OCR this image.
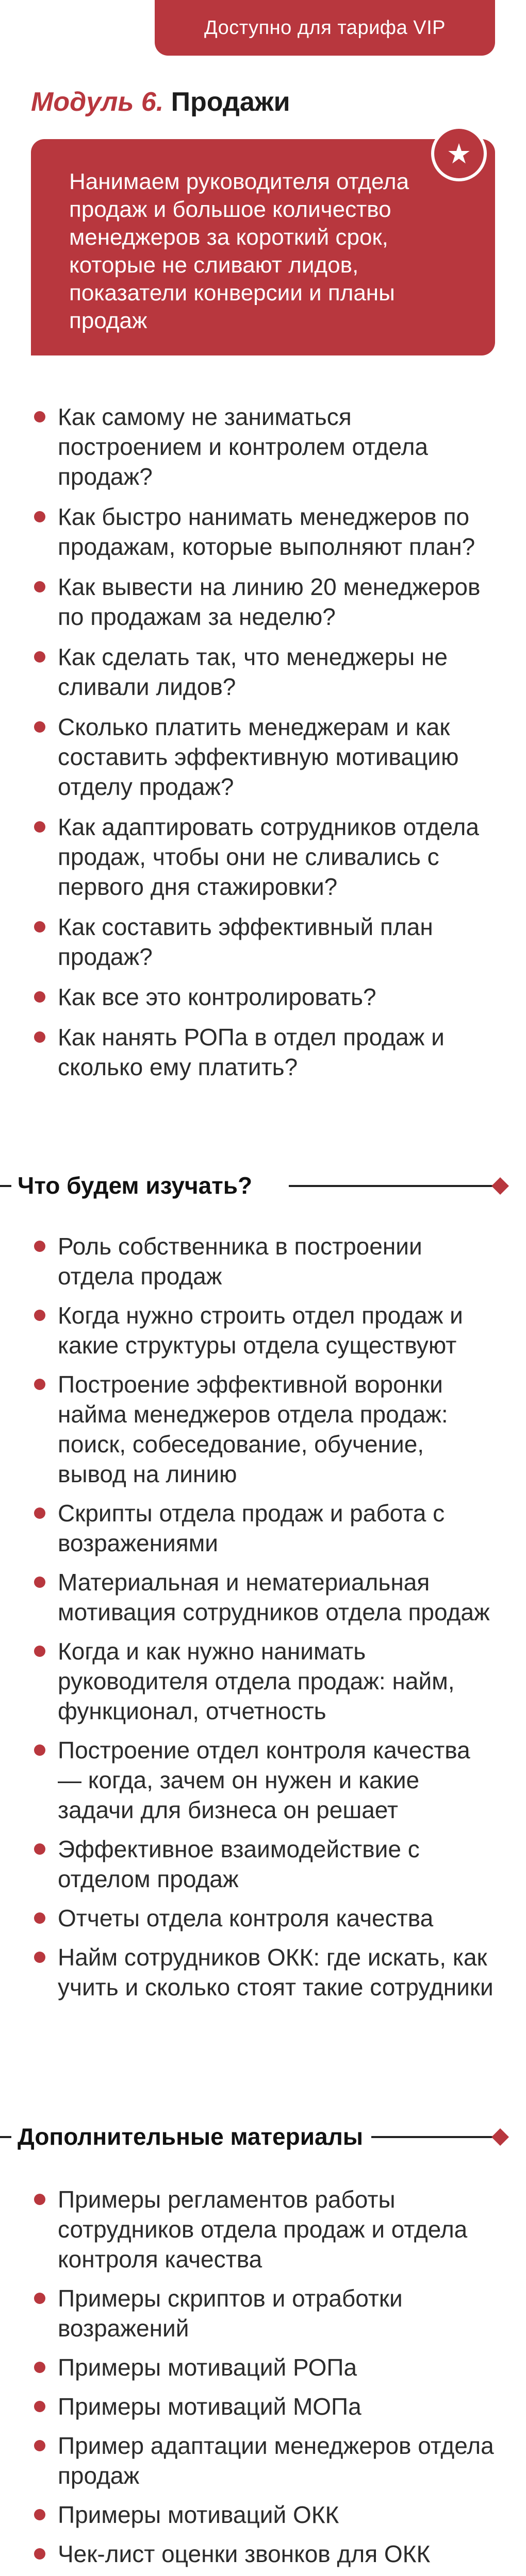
Доступно для тарифа VIP
Модуль 6. Продажи
Нанимаем руководителя отдела продаж и большое количество менеджеров за короткий срок, которые не сливают лидов, показатели конверсии и планы продаж
★
Как самому не заниматься построением и контролем отдела продаж?
Как быстро нанимать менеджеров по продажам, которые выполняют план?
Как вывести на линию 20 менеджеров по продажам за неделю?
Как сделать так, что менеджеры не сливали лидов?
Сколько платить менеджерам и как составить эффективную мотивацию отделу продаж?
Как адаптировать сотрудников отдела продаж, чтобы они не сливались с первого дня стажировки?
Как составить эффективный план продаж?
Как все это контролировать?
Как нанять РОПа в отдел продаж и сколько ему платить?
Что будем изучать?
Роль собственника в построении отдела продаж
Когда нужно строить отдел продаж и какие структуры отдела существуют
Построение эффективной воронки найма менеджеров отдела продаж: поиск, собеседование, обучение, вывод на линию
Скрипты отдела продаж и работа с возражениями
Материальная и нематериальная мотивация сотрудников отдела продаж
Когда и как нужно нанимать руководителя отдела продаж: найм, функционал, отчетность
Построение отдел контроля качества — когда, зачем он нужен и какие задачи для бизнеса он решает
Эффективное взаимодействие с отделом продаж
Отчеты отдела контроля качества
Найм сотрудников ОКК: где искать, как учить и сколько стоят такие сотрудники
Дополнительные материалы
Примеры регламентов работы сотрудников отдела продаж и отдела контроля качества
Примеры скриптов и отработки возражений
Примеры мотиваций РОПа
Примеры мотиваций МОПа
Пример адаптации менеджеров отдела продаж
Примеры мотиваций ОКК
Чек-лист оценки звонков для ОКК
